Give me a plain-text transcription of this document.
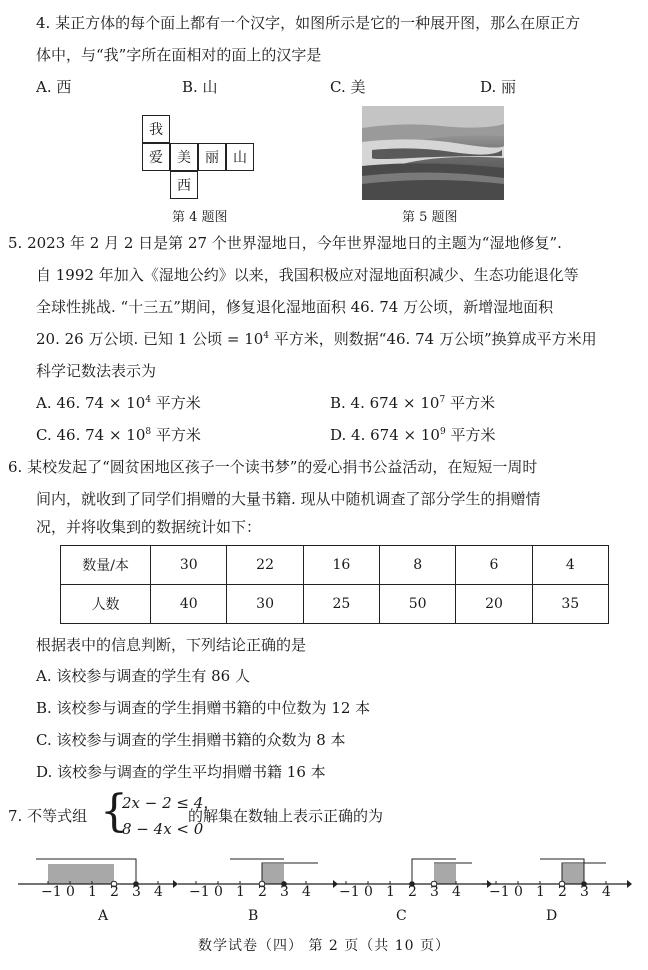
4. 某正方体的每个面上都有一个汉字，如图所示是它的一种展开图，那么在原正方
体中，与“我”字所在面相对的面上的汉字是
A. 西	B. 山	C. 美	D. 丽
我
爱	美	丽	山
西
第 4 题图	第 5 题图
5. 2023 年 2 月 2 日是第 27 个世界湿地日，今年世界湿地日的主题为“湿地修复”.
自 1992 年加入《湿地公约》以来，我国积极应对湿地面积减少、生态功能退化等
全球性挑战. “十三五”期间，修复退化湿地面积 46. 74 万公顷，新增湿地面积
20. 26 万公顷. 已知 1 公顷 = $10^4$ 平方米，则数据“46. 74 万公顷”换算成平方米用
科学记数法表示为
A. 46. $74 \times 10^4$ 平方米	B. 4. $674 \times 10^7$ 平方米
C. 46. $74 \times 10^8$ 平方米	D. 4. $674 \times 10^9$ 平方米
6. 某校发起了“圆贫困地区孩子一个读书梦”的爱心捐书公益活动，在短短一周时
间内，就收到了同学们捐赠的大量书籍. 现从中随机调查了部分学生的捐赠情
况，并将收集到的数据统计如下：
数量/本	30	22	16	8	6	4
人数	40	30	25	50	20	35
根据表中的信息判断，下列结论正确的是
A. 该校参与调查的学生有 86 人
B. 该校参与调查的学生捐赠书籍的中位数为 12 本
C. 该校参与调查的学生捐赠书籍的众数为 8 本
D. 该校参与调查的学生平均捐赠书籍 16 本
7. 不等式组 {
2x − 2 ≤ 4，
8 − 4x < 0
的解集在数轴上表示正确的为
−1 0 1 2 3 4 −1 0 1 2 3 4 −1 0 1 2 3 4 −1 0 1 2 3 4
A	B	C	D
数学试卷（四） 第 2 页（共 10 页）
